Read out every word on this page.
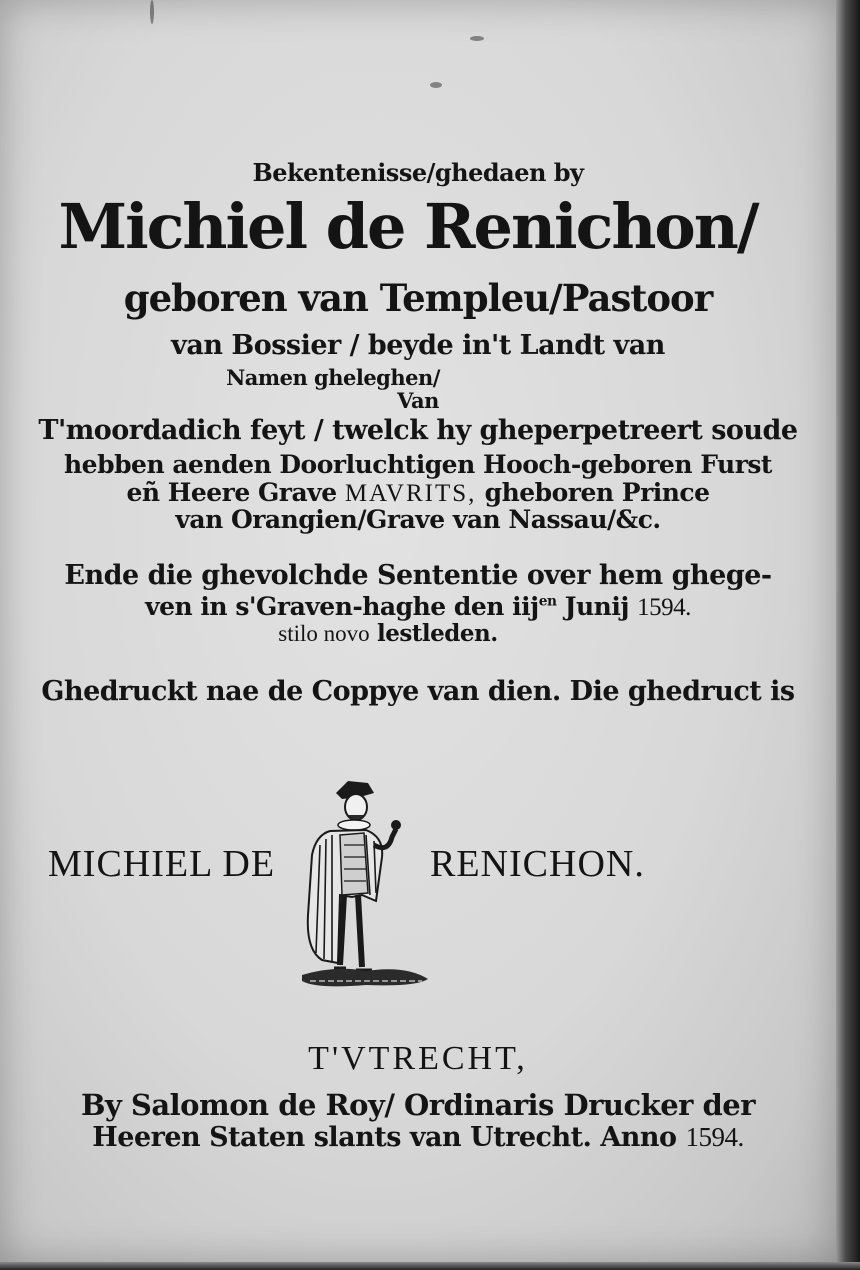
Bekentenisse/ghedaen by
Michiel de Renichon/
geboren van Templeu/Pastoor
van Bossier / beyde in't Landt van
Namen gheleghen/
Van
T'moordadich feyt / twelck hy gheperpetreert soude
hebben aenden Doorluchtigen Hooch-geboren Furst
eñ Heere Grave MAVRITS, gheboren Prince
van Orangien/Grave van Nassau/&c.
Ende die ghevolchde Sententie over hem ghege-
ven in s'Graven-haghe den iij$^{en}$ Junij 1594.
stilo novo lestleden.
Ghedruckt nae de Coppye van dien. Die ghedruct is
MICHIEL DE	RENICHON.
T'VTRECHT,
By Salomon de Roy/ Ordinaris Drucker der
Heeren Staten slants van Utrecht. Anno 1594.
